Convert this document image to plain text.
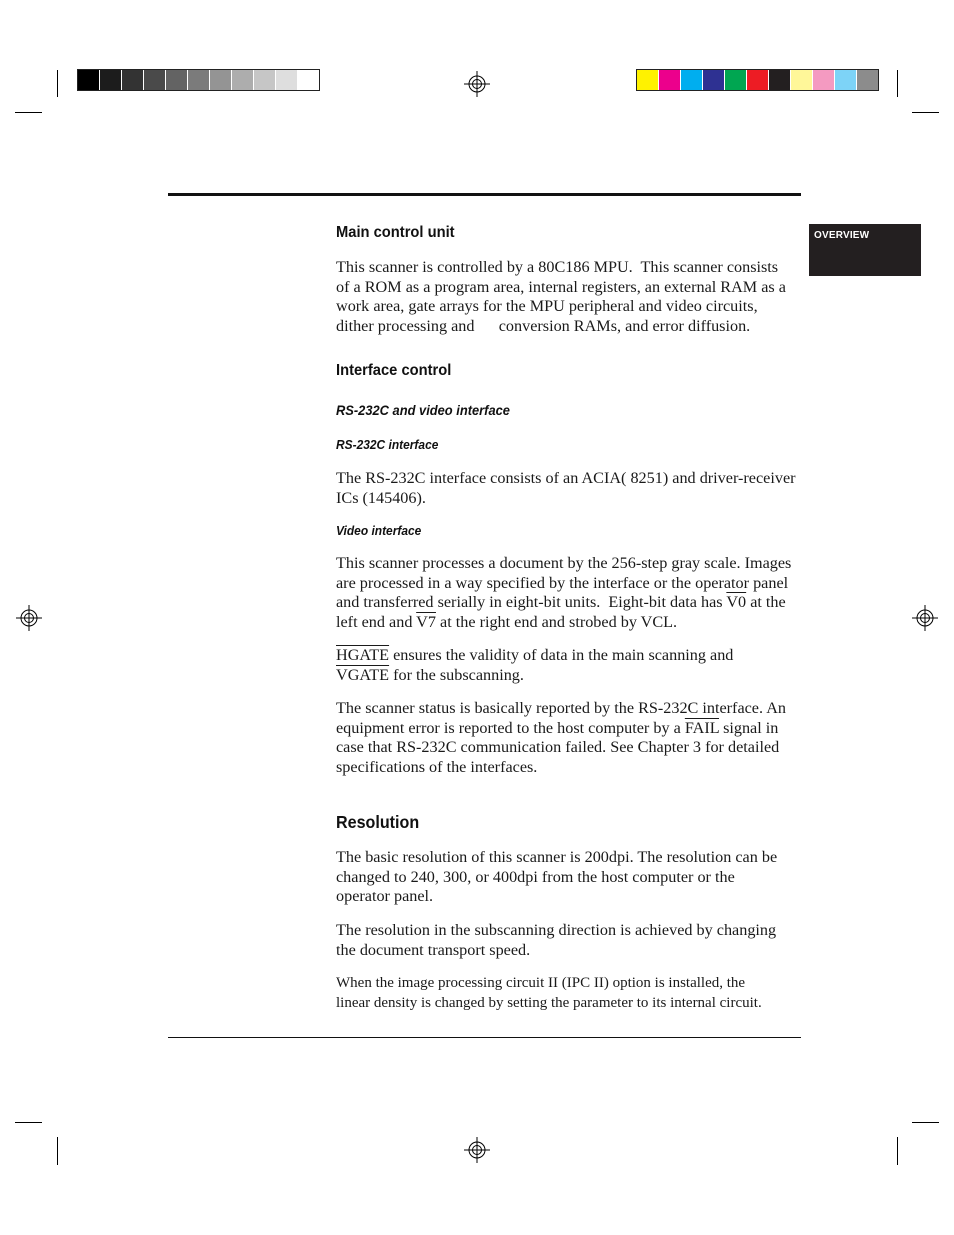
OVERVIEW
Main control unit
This scanner is controlled by a 80C186 MPU.  This scanner consists
of a ROM as a program area, internal registers, an external RAM as a
work area, gate arrays for the MPU peripheral and video circuits,
dither processing and      conversion RAMs, and error diffusion.
Interface control
RS-232C and video interface
RS-232C interface
The RS-232C interface consists of an ACIA( 8251) and driver-receiver
ICs (145406).
Video interface
This scanner processes a document by the 256-step gray scale. Images
are processed in a way specified by the interface or the operator panel
and transferred serially in eight-bit units.  Eight-bit data has V0 at the
left end and V7 at the right end and strobed by VCL.
HGATE ensures the validity of data in the main scanning and
VGATE for the subscanning.
The scanner status is basically reported by the RS-232C interface. An
equipment error is reported to the host computer by a FAIL signal in
case that RS-232C communication failed. See Chapter 3 for detailed
specifications of the interfaces.
Resolution
The basic resolution of this scanner is 200dpi. The resolution can be
changed to 240, 300, or 400dpi from the host computer or the
operator panel.
The resolution in the subscanning direction is achieved by changing
the document transport speed.
When the image processing circuit II (IPC II) option is installed, the
linear density is changed by setting the parameter to its internal circuit.
